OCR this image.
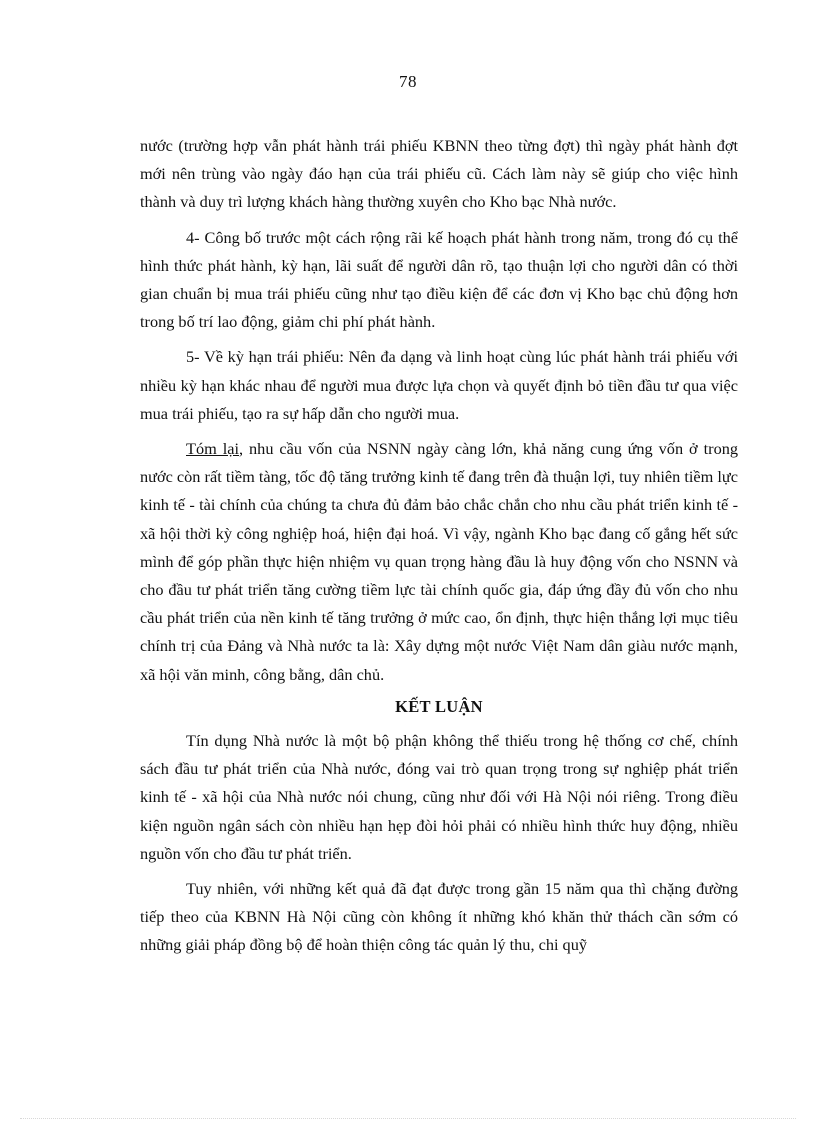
78

nước (trường hợp vẫn phát hành trái phiếu KBNN theo từng đợt) thì ngày phát hành đợt mới nên trùng vào ngày đáo hạn của trái phiếu cũ. Cách làm này sẽ giúp cho việc hình thành và duy trì lượng khách hàng thường xuyên cho Kho bạc Nhà nước.

4- Công bố trước một cách rộng rãi kế hoạch phát hành trong năm, trong đó cụ thể hình thức phát hành, kỳ hạn, lãi suất để người dân rõ, tạo thuận lợi cho người dân có thời gian chuẩn bị mua trái phiếu cũng như tạo điều kiện để các đơn vị Kho bạc chủ động hơn trong bố trí lao động, giảm chi phí phát hành.

5- Về kỳ hạn trái phiếu: Nên đa dạng và linh hoạt cùng lúc phát hành trái phiếu với nhiều kỳ hạn khác nhau để người mua được lựa chọn và quyết định bỏ tiền đầu tư qua việc mua trái phiếu, tạo ra sự hấp dẫn cho người mua.

Tóm lại, nhu cầu vốn của NSNN ngày càng lớn, khả năng cung ứng vốn ở trong nước còn rất tiềm tàng, tốc độ tăng trưởng kinh tế đang trên đà thuận lợi, tuy nhiên tiềm lực kinh tế - tài chính của chúng ta chưa đủ đảm bảo chắc chắn cho nhu cầu phát triển kinh tế - xã hội thời kỳ công nghiệp hoá, hiện đại hoá. Vì vậy, ngành Kho bạc đang cố gắng hết sức mình để góp phần thực hiện nhiệm vụ quan trọng hàng đầu là huy động vốn cho NSNN và cho đầu tư phát triển tăng cường tiềm lực tài chính quốc gia, đáp ứng đầy đủ vốn cho nhu cầu phát triển của nền kinh tế tăng trưởng ở mức cao, ổn định, thực hiện thắng lợi mục tiêu chính trị của Đảng và Nhà nước ta là: Xây dựng một nước Việt Nam dân giàu nước mạnh, xã hội văn minh, công bằng, dân chủ.

KẾT LUẬN

Tín dụng Nhà nước là một bộ phận không thể thiếu trong hệ thống cơ chế, chính sách đầu tư phát triển của Nhà nước, đóng vai trò quan trọng trong sự nghiệp phát triển kinh tế - xã hội của Nhà nước nói chung, cũng như đối với Hà Nội nói riêng. Trong điều kiện nguồn ngân sách còn nhiều hạn hẹp đòi hỏi phải có nhiều hình thức huy động, nhiều nguồn vốn cho đầu tư phát triển.

Tuy nhiên, với những kết quả đã đạt được trong gần 15 năm qua thì chặng đường tiếp theo của KBNN Hà Nội cũng còn không ít những khó khăn thử thách cần sớm có những giải pháp đồng bộ để hoàn thiện công tác quản lý thu, chi quỹ
